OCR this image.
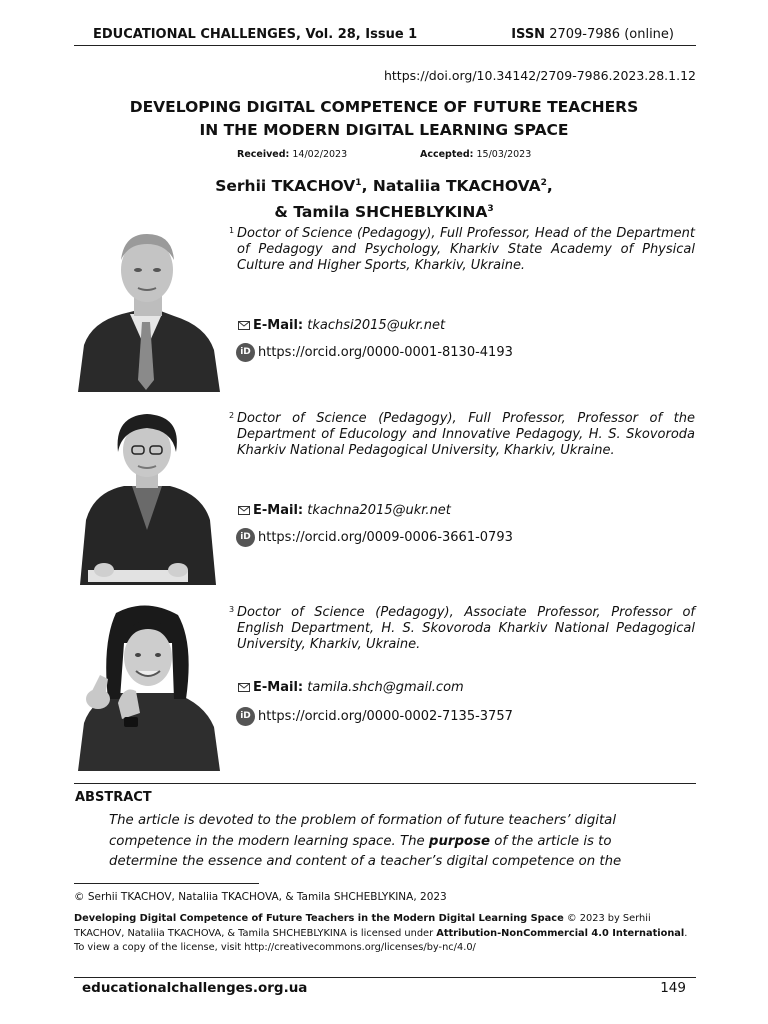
EDUCATIONAL CHALLENGES, Vol. 28, Issue 1	ISSN 2709-7986 (online)
https://doi.org/10.34142/2709-7986.2023.28.1.12
DEVELOPING DIGITAL COMPETENCE OF FUTURE TEACHERS
IN THE MODERN DIGITAL LEARNING SPACE
Received: 14/02/2023	Accepted: 15/03/2023
Serhii TKACHOV$^1$, Nataliia TKACHOVA$^2$,
& Tamila SHCHEBLYKINA$^3$
1 Doctor of Science (Pedagogy), Full Professor, Head of the Department of Pedagogy and Psychology, Kharkiv State Academy of Physical Culture and Higher Sports, Kharkiv, Ukraine.
E-Mail: tkachsi2015@ukr.net
iD https://orcid.org/0000-0001-8130-4193
2 Doctor of Science (Pedagogy), Full Professor, Professor of the Department of Educology and Innovative Pedagogy, H. S. Skovoroda Kharkiv National Pedagogical University, Kharkiv, Ukraine.
E-Mail: tkachna2015@ukr.net
iD https://orcid.org/0009-0006-3661-0793
3 Doctor of Science (Pedagogy), Associate Professor, Professor of English Department, H. S. Skovoroda Kharkiv National Pedagogical University, Kharkiv, Ukraine.
E-Mail: tamila.shch@gmail.com
iD https://orcid.org/0000-0002-7135-3757
ABSTRACT
The article is devoted to the problem of formation of future teachers’ digital competence in the modern learning space. The purpose of the article is to determine the essence and content of a teacher’s digital competence on the
© Serhii TKACHOV, Nataliia TKACHOVA, & Tamila SHCHEBLYKINA, 2023
Developing Digital Competence of Future Teachers in the Modern Digital Learning Space © 2023 by Serhii TKACHOV, Nataliia TKACHOVA, & Tamila SHCHEBLYKINA is licensed under Attribution-NonCommercial 4.0 International. To view a copy of the license, visit http://creativecommons.org/licenses/by-nc/4.0/
educationalchallenges.org.ua	149
